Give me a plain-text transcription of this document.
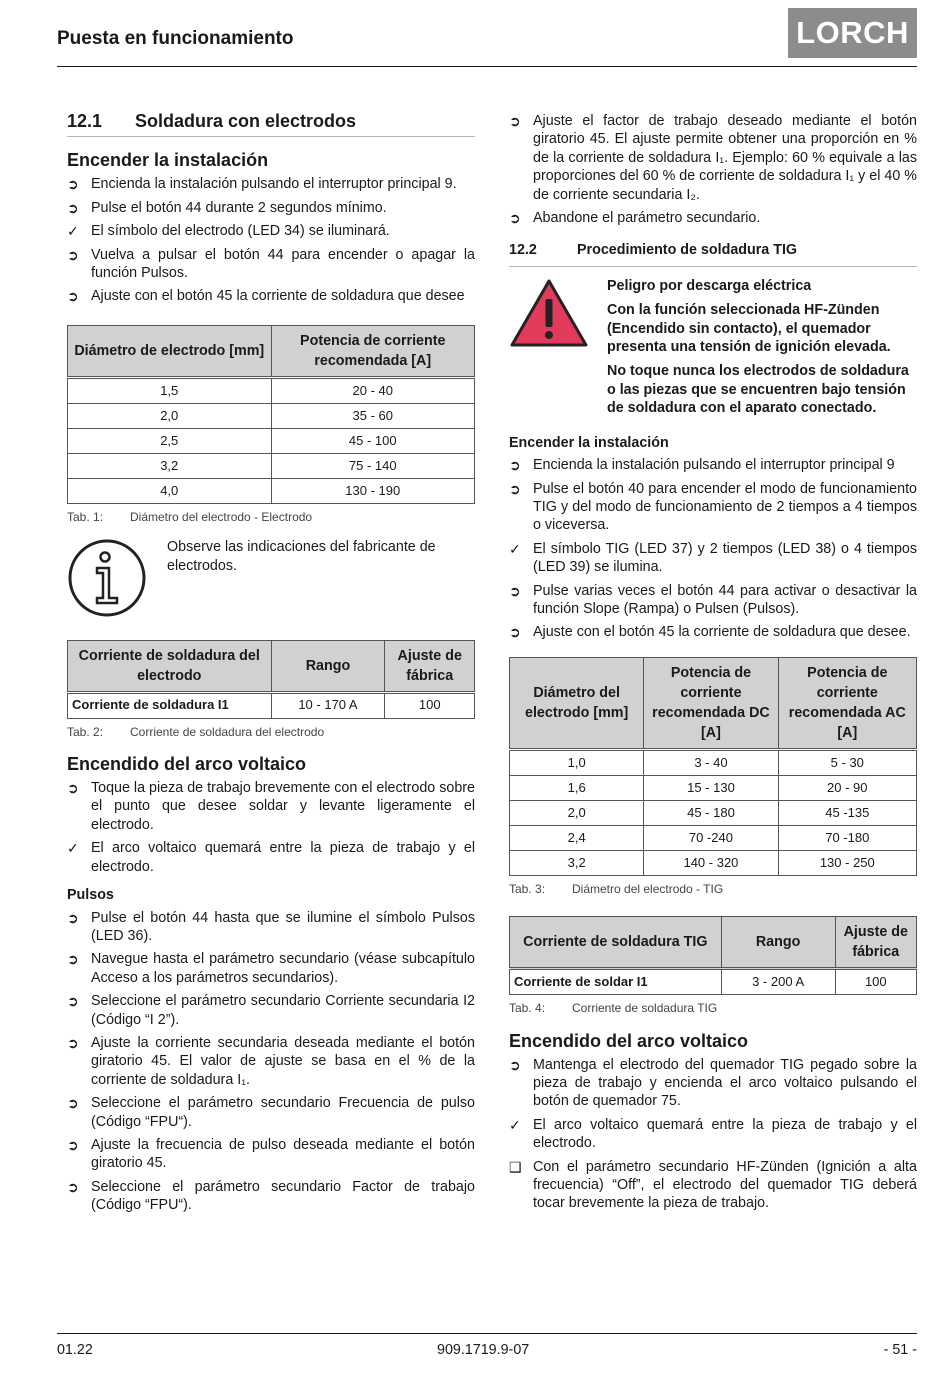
Puesta en funcionamiento	LORCH
12.1	Soldadura con electrodos
Encender la instalación
➲ Encienda la instalación pulsando el interruptor principal 9.
➲ Pulse el botón 44 durante 2 segundos mínimo.
✓ El símbolo del electrodo (LED 34) se iluminará.
➲ Vuelva a pulsar el botón 44 para encender o apagar la función Pulsos.
➲ Ajuste con el botón 45 la corriente de soldadura que desee
Diámetro de electrodo [mm]	Potencia de corriente recomendada [A]
1,5	20 - 40
2,0	35 - 60
2,5	45 - 100
3,2	75 - 140
4,0	130 - 190
Tab. 1:	Diámetro del electrodo - Electrodo
Observe las indicaciones del fabricante de electrodos.
Corriente de soldadura del electrodo	Rango	Ajuste de fábrica
Corriente de soldadura I1	10 - 170 A	100
Tab. 2:	Corriente de soldadura del electrodo
Encendido del arco voltaico
➲ Toque la pieza de trabajo brevemente con el electrodo sobre el punto que desee soldar y levante ligeramente el electrodo.
✓ El arco voltaico quemará entre la pieza de trabajo y el electrodo.
Pulsos
➲ Pulse el botón 44 hasta que se ilumine el símbolo Pulsos (LED 36).
➲ Navegue hasta el parámetro secundario (véase subcapítulo Acceso a los parámetros secundarios).
➲ Seleccione el parámetro secundario Corriente secundaria I2 (Código “I 2”).
➲ Ajuste la corriente secundaria deseada mediante el botón giratorio 45. El valor de ajuste se basa en el % de la corriente de soldadura I₁.
➲ Seleccione el parámetro secundario Frecuencia de pulso (Código “FPU“).
➲ Ajuste la frecuencia de pulso deseada mediante el botón giratorio 45.
➲ Seleccione el parámetro secundario Factor de trabajo (Código “FPU“).
➲ Ajuste el factor de trabajo deseado mediante el botón giratorio 45. El ajuste permite obtener una proporción en % de la corriente de soldadura I₁. Ejemplo: 60 % equivale a las proporciones del 60 % de corriente de soldadura I₁ y el 40 % de corriente secundaria I₂.
➲ Abandone el parámetro secundario.
12.2	Procedimiento de soldadura TIG

Peligro por descarga eléctrica

Con la función seleccionada HF-Zünden (Encendido sin contacto), el quemador presenta una tensión de ignición elevada.

No toque nunca los electrodos de soldadura o las piezas que se encuentren bajo tensión de soldadura con el aparato conectado.

Encender la instalación
➲ Encienda la instalación pulsando el interruptor principal 9
➲ Pulse el botón 40 para encender el modo de funcionamiento TIG y del modo de funcionamiento de 2 tiempos a 4 tiempos o viceversa.
✓ El símbolo TIG (LED 37) y 2 tiempos (LED 38) o 4 tiempos (LED 39) se ilumina.
➲ Pulse varias veces el botón 44 para activar o desactivar la función Slope (Rampa) o Pulsen (Pulsos).
➲ Ajuste con el botón 45 la corriente de soldadura que desee.
Diámetro del electrodo [mm]	Potencia de corriente recomendada DC [A]	Potencia de corriente recomendada AC [A]
1,0	3 - 40	5 - 30
1,6	15 - 130	20 - 90
2,0	45 - 180	45 -135
2,4	70 -240	70 -180
3,2	140 - 320	130 - 250
Tab. 3:	Diámetro del electrodo - TIG
Corriente de soldadura TIG	Rango	Ajuste de fábrica
Corriente de soldar I1	3 - 200 A	100
Tab. 4:	Corriente de soldadura TIG
Encendido del arco voltaico
➲ Mantenga el electrodo del quemador TIG pegado sobre la pieza de trabajo y encienda el arco voltaico pulsando el botón de quemador 75.
✓ El arco voltaico quemará entre la pieza de trabajo y el electrodo.
❑ Con el parámetro secundario HF-Zünden (Ignición a alta frecuencia) “Off”, el electrodo del quemador TIG deberá tocar brevemente la pieza de trabajo.
01.22	909.1719.9-07	- 51 -
